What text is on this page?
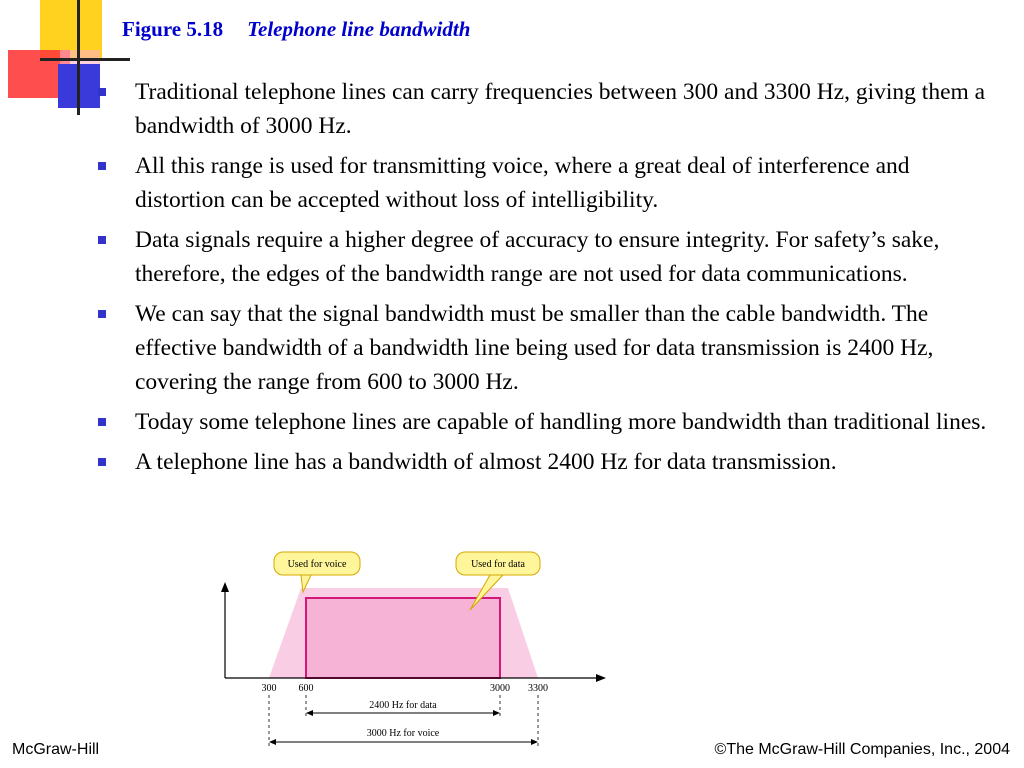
Figure 5.18 Telephone line bandwidth
Traditional telephone lines can carry frequencies between 300 and 3300 Hz, giving them a bandwidth of 3000 Hz.
All this range is used for transmitting voice, where a great deal of interference and distortion can be accepted without loss of intelligibility.
Data signals require a higher degree of accuracy to ensure integrity. For safety’s sake, therefore, the edges of the bandwidth range are not used for data communications.
We can say that the signal bandwidth must be smaller than the cable bandwidth. The effective bandwidth of a bandwidth line being used for data transmission is 2400 Hz, covering the range from 600 to 3000 Hz.
Today some telephone lines are capable of handling more bandwidth than traditional lines.
A telephone line has a bandwidth of almost 2400 Hz for data transmission.
Used for voice	Used for data
300 600	3000 3300
2400 Hz for data
3000 Hz for voice
McGraw-Hill	©The McGraw-Hill Companies, Inc., 2004
